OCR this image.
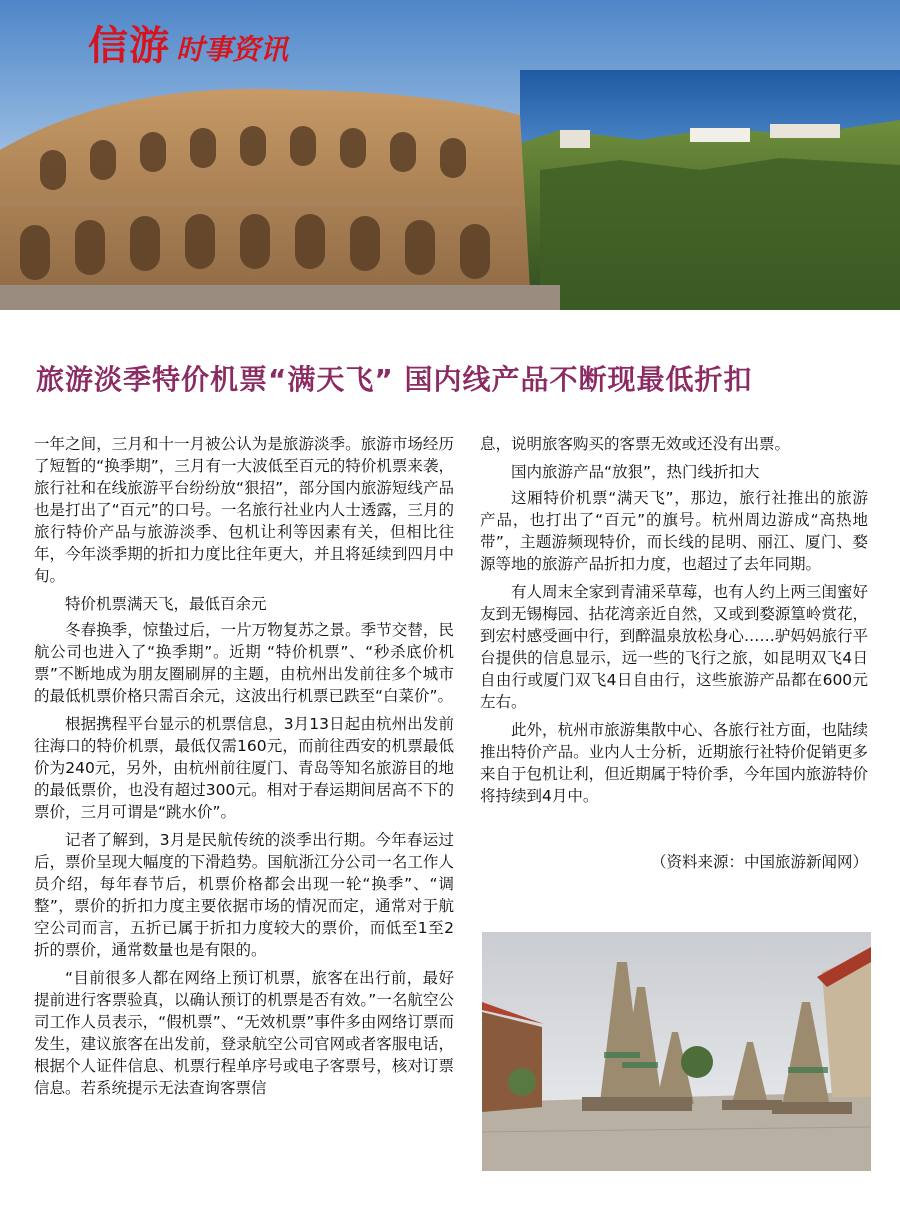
信游 时事资讯
旅游淡季特价机票“满天飞” 国内线产品不断现最低折扣

一年之间，三月和十一月被公认为是旅游淡季。旅游市场经历了短暂的“换季期”，三月有一大波低至百元的特价机票来袭，旅行社和在线旅游平台纷纷放“狠招”，部分国内旅游短线产品也是打出了“百元”的口号。一名旅行社业内人士透露，三月的旅行特价产品与旅游淡季、包机让利等因素有关，但相比往年，今年淡季期的折扣力度比往年更大，并且将延续到四月中旬。

特价机票满天飞，最低百余元

冬春换季，惊蛰过后，一片万物复苏之景。季节交替，民航公司也进入了“换季期”。近期 “特价机票”、“秒杀底价机票”不断地成为朋友圈刷屏的主题，由杭州出发前往多个城市的最低机票价格只需百余元，这波出行机票已跌至“白菜价”。

根据携程平台显示的机票信息，3月13日起由杭州出发前往海口的特价机票，最低仅需160元，而前往西安的机票最低价为240元，另外，由杭州前往厦门、青岛等知名旅游目的地的最低票价，也没有超过300元。相对于春运期间居高不下的票价，三月可谓是“跳水价”。

记者了解到，3月是民航传统的淡季出行期。今年春运过后，票价呈现大幅度的下滑趋势。国航浙江分公司一名工作人员介绍，每年春节后，机票价格都会出现一轮“换季”、“调整”，票价的折扣力度主要依据市场的情况而定，通常对于航空公司而言，五折已属于折扣力度较大的票价，而低至1至2折的票价，通常数量也是有限的。

“目前很多人都在网络上预订机票，旅客在出行前，最好提前进行客票验真，以确认预订的机票是否有效。”一名航空公司工作人员表示，“假机票”、“无效机票”事件多由网络订票而发生，建议旅客在出发前，登录航空公司官网或者客服电话，根据个人证件信息、机票行程单序号或电子客票号，核对订票信息。若系统提示无法查询客票信

息，说明旅客购买的客票无效或还没有出票。

国内旅游产品“放狠”，热门线折扣大

这厢特价机票“满天飞”，那边，旅行社推出的旅游产品，也打出了“百元”的旗号。杭州周边游成“高热地带”，主题游频现特价，而长线的昆明、丽江、厦门、婺源等地的旅游产品折扣力度，也超过了去年同期。

有人周末全家到青浦采草莓，也有人约上两三闺蜜好友到无锡梅园、拈花湾亲近自然，又或到婺源篁岭赏花，到宏村感受画中行，到醉温泉放松身心……驴妈妈旅行平台提供的信息显示，远一些的飞行之旅，如昆明双飞4日自由行或厦门双飞4日自由行，这些旅游产品都在600元左右。

此外，杭州市旅游集散中心、各旅行社方面，也陆续推出特价产品。业内人士分析，近期旅行社特价促销更多来自于包机让利，但近期属于特价季，今年国内旅游特价将持续到4月中。

（资料来源：中国旅游新闻网）
